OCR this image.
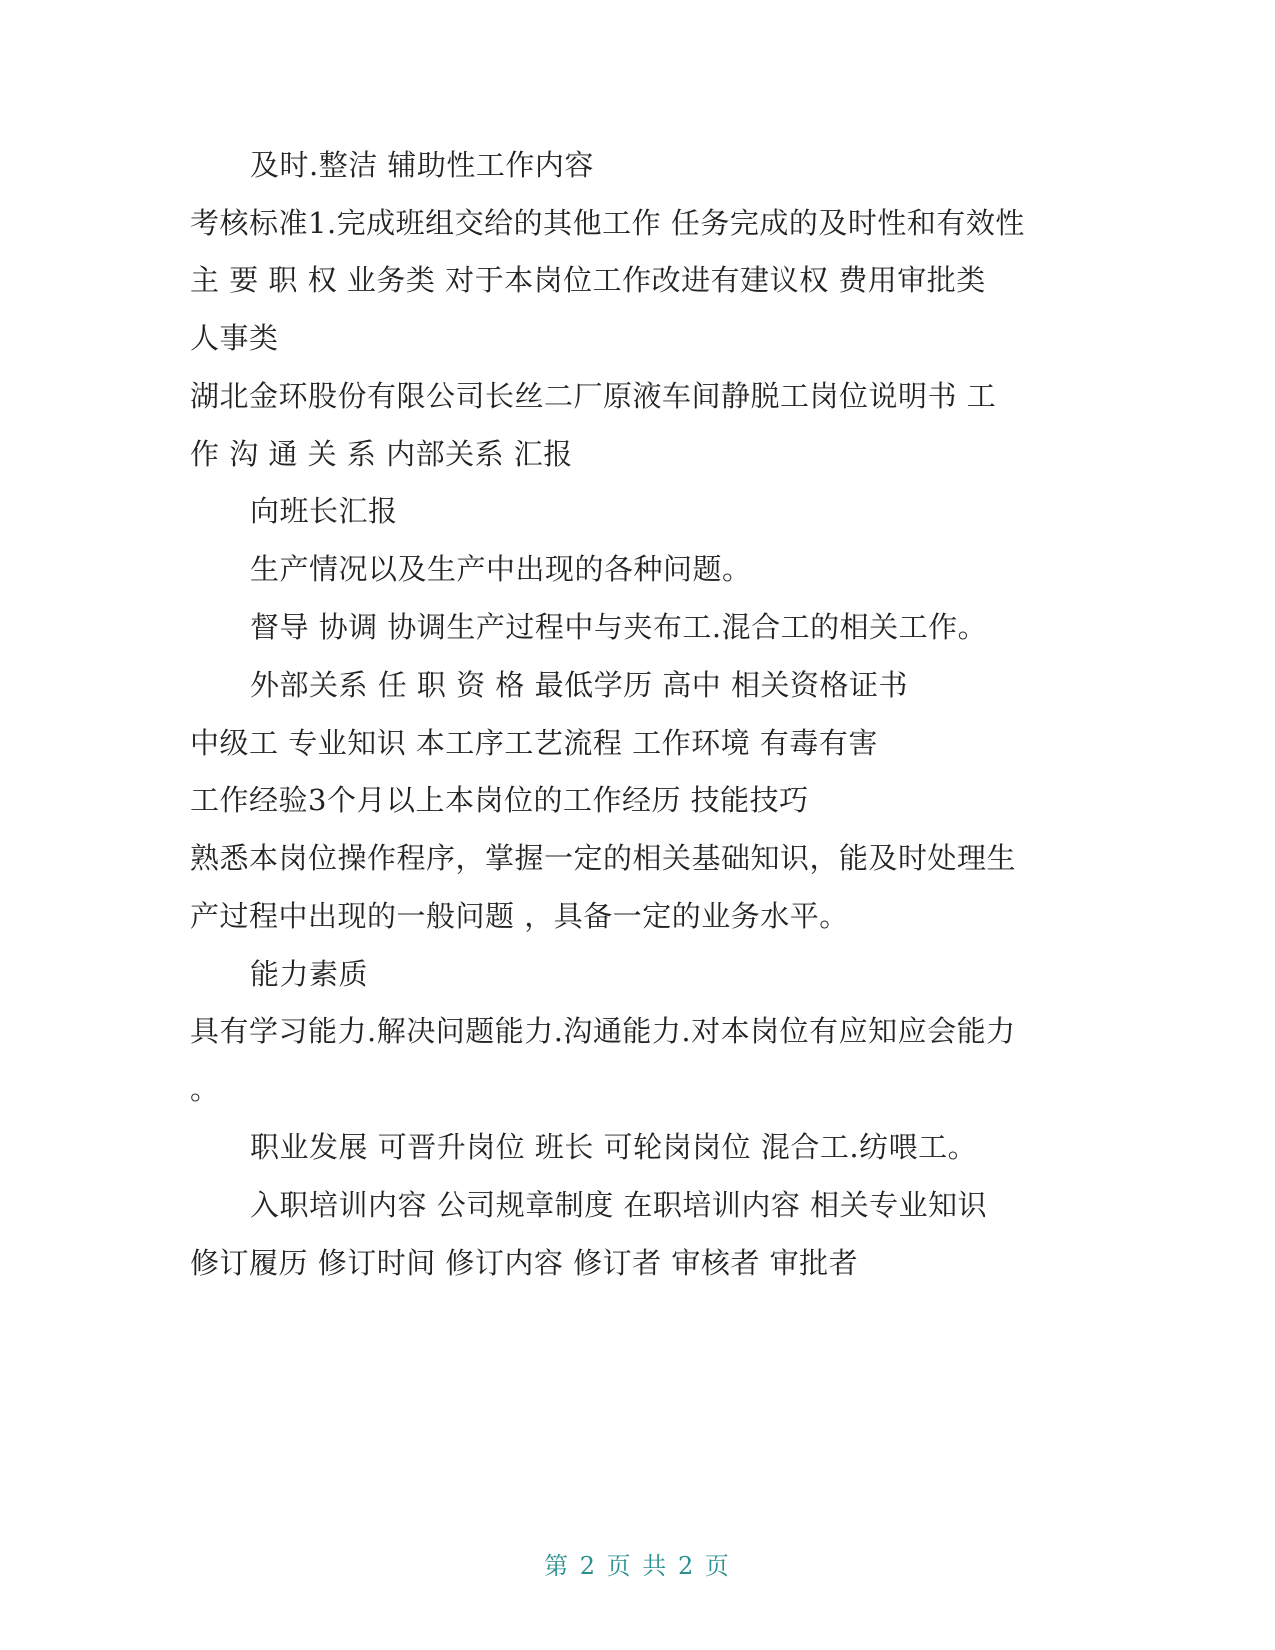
及时.整洁 辅助性工作内容
考核标准1.完成班组交给的其他工作 任务完成的及时性和有效性
主 要 职 权 业务类 对于本岗位工作改进有建议权 费用审批类
人事类
湖北金环股份有限公司长丝二厂原液车间静脱工岗位说明书 工
作 沟 通 关 系 内部关系 汇报
向班长汇报
生产情况以及生产中出现的各种问题。
督导 协调 协调生产过程中与夹布工.混合工的相关工作。
外部关系 任 职 资 格 最低学历 高中 相关资格证书
中级工 专业知识 本工序工艺流程 工作环境 有毒有害
工作经验3个月以上本岗位的工作经历 技能技巧
熟悉本岗位操作程序，掌握一定的相关基础知识，能及时处理生
产过程中出现的一般问题 ，具备一定的业务水平。
能力素质
具有学习能力.解决问题能力.沟通能力.对本岗位有应知应会能力
。
职业发展 可晋升岗位 班长 可轮岗岗位 混合工.纺喂工。
入职培训内容 公司规章制度 在职培训内容 相关专业知识
修订履历 修订时间 修订内容 修订者 审核者 审批者
第 2 页 共 2 页
